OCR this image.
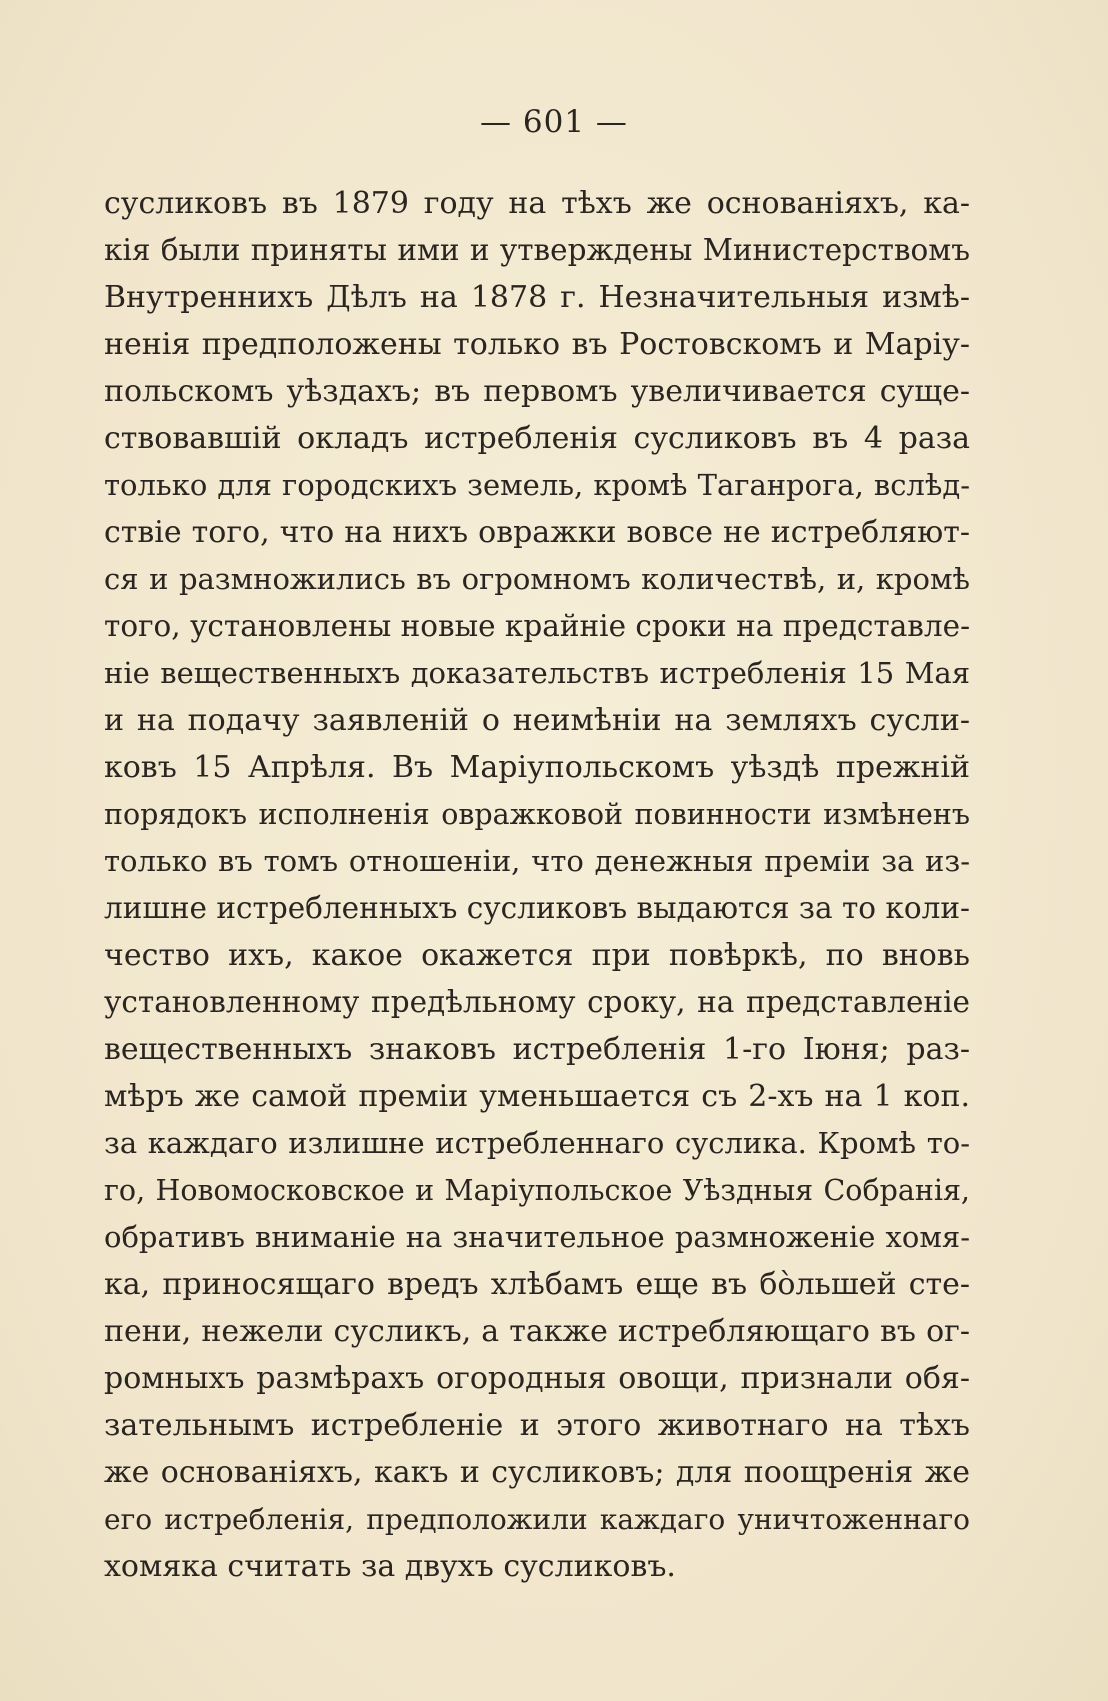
— 601 —
сусликовъ въ 1879 году на тѣхъ же основаніяхъ, ка-
кія были приняты ими и утверждены Министерствомъ
Внутреннихъ Дѣлъ на 1878 г. Незначительныя измѣ-
ненія предположены только въ Ростовскомъ и Маріу-
польскомъ уѣздахъ; въ первомъ увеличивается суще-
ствовавшій окладъ истребленія сусликовъ въ 4 раза
только для городскихъ земель, кромѣ Таганрога, вслѣд-
ствіе того, что на нихъ овражки вовсе не истребляют-
ся и размножились въ огромномъ количествѣ, и, кромѣ
того, установлены новые крайніе сроки на представле-
ніе вещественныхъ доказательствъ истребленія 15 Мая
и на подачу заявленій о неимѣніи на земляхъ сусли-
ковъ 15 Апрѣля. Въ Маріупольскомъ уѣздѣ прежній
порядокъ исполненія овражковой повинности измѣненъ
только въ томъ отношеніи, что денежныя преміи за из-
лишне истребленныхъ сусликовъ выдаются за то коли-
чество ихъ, какое окажется при повѣркѣ, по вновь
установленному предѣльному сроку, на представленіе
вещественныхъ знаковъ истребленія 1-го Іюня; раз-
мѣръ же самой преміи уменьшается съ 2-хъ на 1 коп.
за каждаго излишне истребленнаго суслика. Кромѣ то-
го, Новомосковское и Маріупольское Уѣздныя Собранія,
обративъ вниманіе на значительное размноженіе хомя-
ка, приносящаго вредъ хлѣбамъ еще въ бо̀льшей сте-
пени, нежели сусликъ, а также истребляющаго въ ог-
ромныхъ размѣрахъ огородныя овощи, признали обя-
зательнымъ истребленіе и этого животнаго на тѣхъ
же основаніяхъ, какъ и сусликовъ; для поощренія же
его истребленія, предположили каждаго уничтоженнаго
хомяка считать за двухъ сусликовъ.
